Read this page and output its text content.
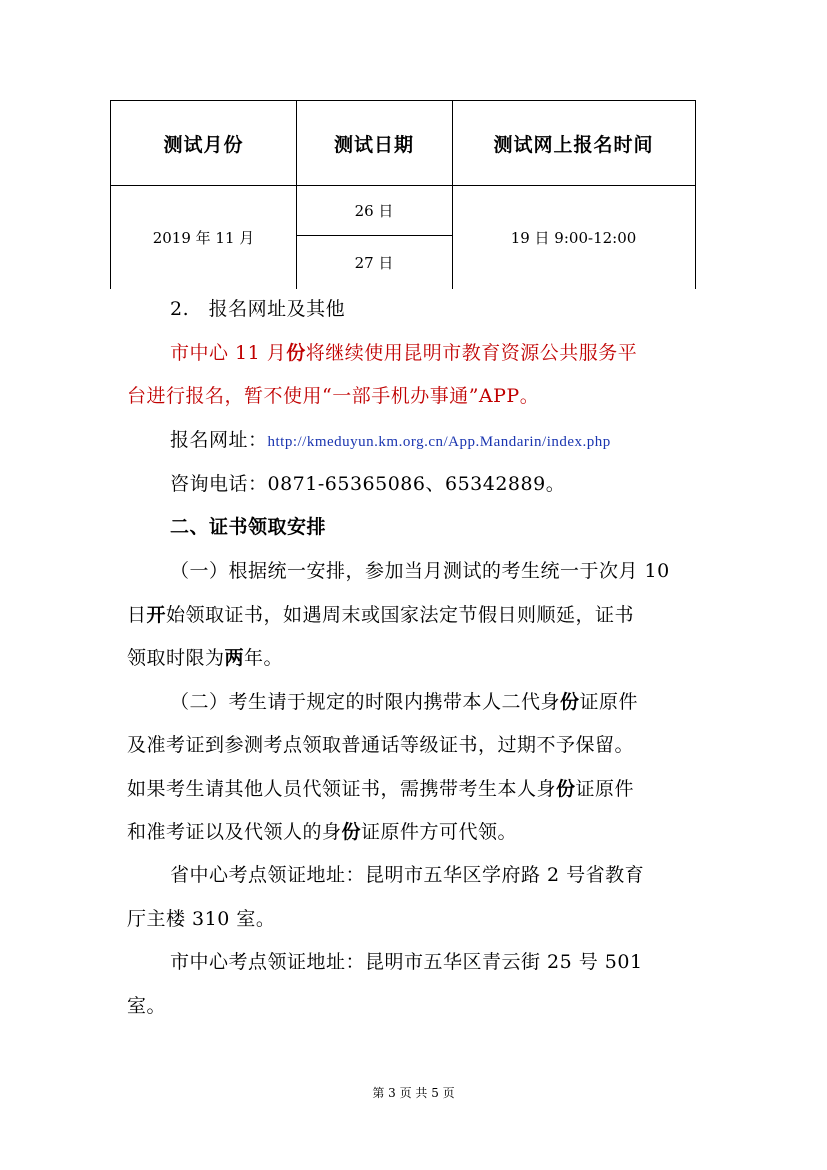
测试月份	测试日期	测试网上报名时间
2019 年 11 月
26 日
27 日
19 日 9:00-12:00
2.　报名网址及其他
市中心 11 月份将继续使用昆明市教育资源公共服务平
台进行报名，暂不使用“一部手机办事通”APP。
报名网址：http://kmeduyun.km.org.cn/App.Mandarin/index.php
咨询电话：0871-65365086、65342889。
二、证书领取安排
（一）根据统一安排，参加当月测试的考生统一于次月 10
日开始领取证书，如遇周末或国家法定节假日则顺延，证书
领取时限为两年。
（二）考生请于规定的时限内携带本人二代身份证原件
及准考证到参测考点领取普通话等级证书，过期不予保留。
如果考生请其他人员代领证书，需携带考生本人身份证原件
和准考证以及代领人的身份证原件方可代领。
省中心考点领证地址：昆明市五华区学府路 2 号省教育
厅主楼 310 室。
市中心考点领证地址：昆明市五华区青云街 25 号 501
室。
第 3 页 共 5 页
